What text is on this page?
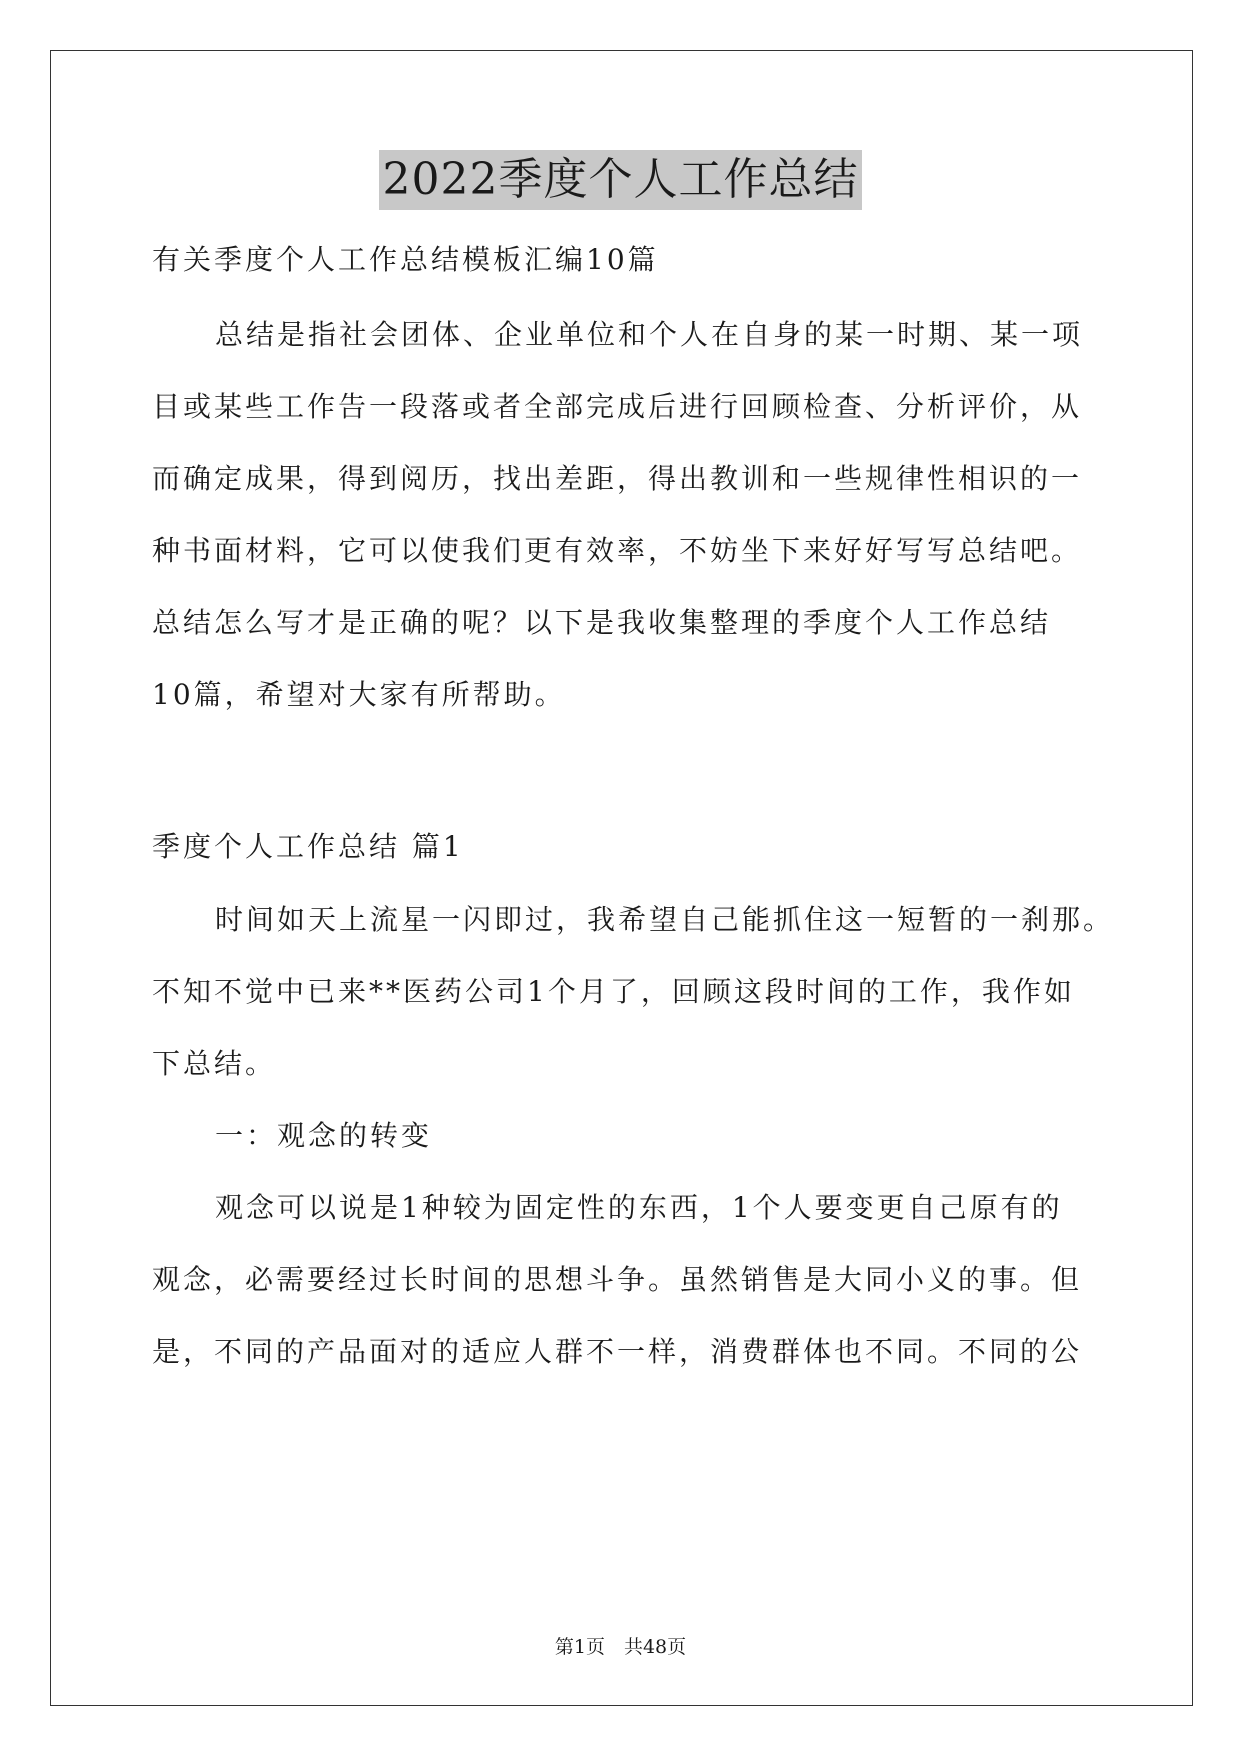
2022季度个人工作总结
有关季度个人工作总结模板汇编10篇
总结是指社会团体、企业单位和个人在自身的某一时期、某一项
目或某些工作告一段落或者全部完成后进行回顾检查、分析评价，从
而确定成果，得到阅历，找出差距，得出教训和一些规律性相识的一
种书面材料，它可以使我们更有效率，不妨坐下来好好写写总结吧。
总结怎么写才是正确的呢？以下是我收集整理的季度个人工作总结
10篇，希望对大家有所帮助。
季度个人工作总结 篇1
时间如天上流星一闪即过，我希望自己能抓住这一短暂的一刹那。
不知不觉中已来**医药公司1个月了，回顾这段时间的工作，我作如
下总结。
一：观念的转变
观念可以说是1种较为固定性的东西，1个人要变更自己原有的
观念，必需要经过长时间的思想斗争。虽然销售是大同小义的事。但
是，不同的产品面对的适应人群不一样，消费群体也不同。不同的公
第1页　共48页
